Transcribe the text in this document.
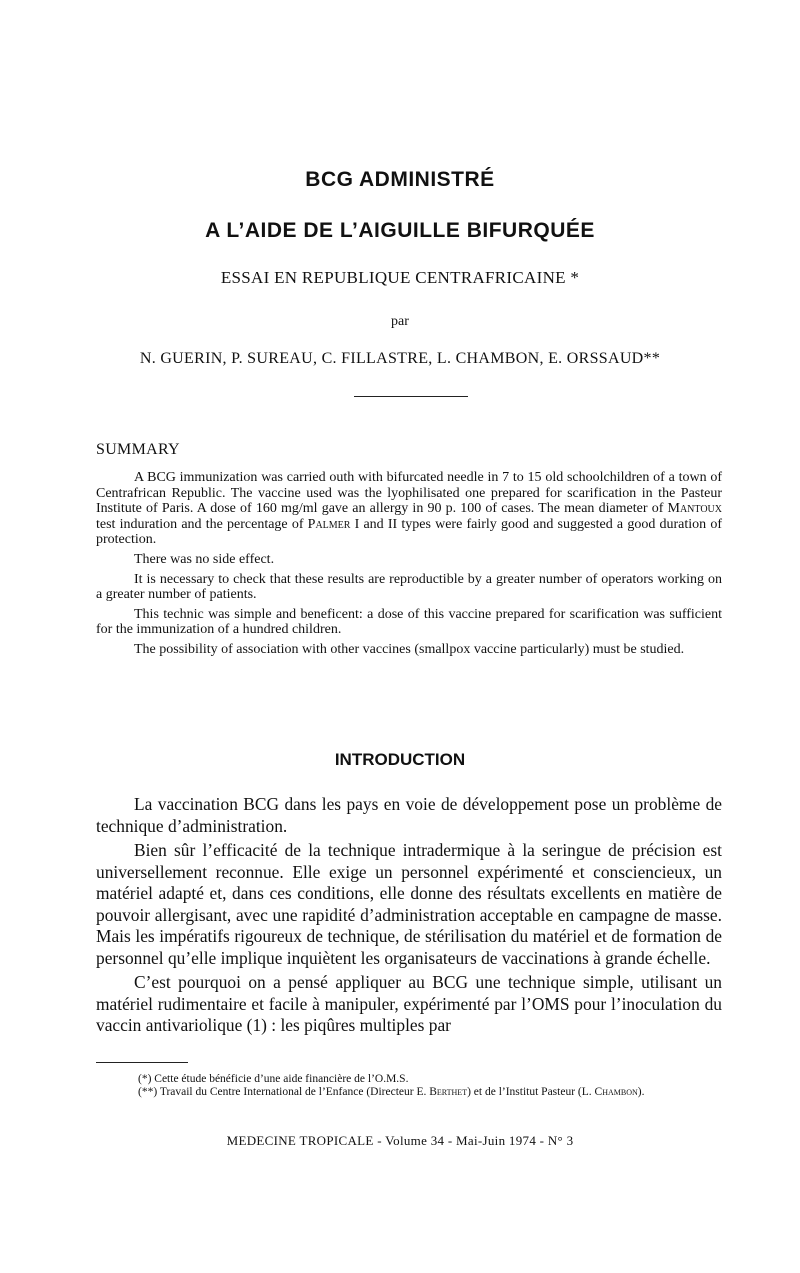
BCG ADMINISTRÉ
A L’AIDE DE L’AIGUILLE BIFURQUÉE
ESSAI EN REPUBLIQUE CENTRAFRICAINE *
par
N. GUERIN, P. SUREAU, C. FILLASTRE, L. CHAMBON, E. ORSSAUD**
SUMMARY

A BCG immunization was carried outh with bifurcated needle in 7 to 15 old schoolchildren of a town of Centrafrican Republic. The vaccine used was the lyophilisated one prepared for scarification in the Pasteur Institute of Paris. A dose of 160 mg/ml gave an allergy in 90 p. 100 of cases. The mean diameter of Mantoux test induration and the percentage of Palmer I and II types were fairly good and suggested a good duration of protection.

There was no side effect.

It is necessary to check that these results are reproductible by a greater number of operators working on a greater number of patients.

This technic was simple and beneficent: a dose of this vaccine prepared for scarification was sufficient for the immunization of a hundred children.

The possibility of association with other vaccines (smallpox vaccine particularly) must be studied.

INTRODUCTION

La vaccination BCG dans les pays en voie de développement pose un problème de technique d’administration.

Bien sûr l’efficacité de la technique intradermique à la seringue de précision est universellement reconnue. Elle exige un personnel expérimenté et consciencieux, un matériel adapté et, dans ces conditions, elle donne des résultats excellents en matière de pouvoir allergisant, avec une rapidité d’administration acceptable en campagne de masse. Mais les impératifs rigoureux de technique, de stérilisation du matériel et de formation de personnel qu’elle implique inquiètent les organisateurs de vaccinations à grande échelle.

C’est pourquoi on a pensé appliquer au BCG une technique simple, utilisant un matériel rudimentaire et facile à manipuler, expérimenté par l’OMS pour l’inoculation du vaccin antivariolique (1) : les piqûres multiples par

(*) Cette étude bénéficie d’une aide financière de l’O.M.S.

(**) Travail du Centre International de l’Enfance (Directeur E. Berthet) et de l’Institut Pasteur (L. Chambon).

MEDECINE TROPICALE - Volume 34 - Mai-Juin 1974 - N° 3
